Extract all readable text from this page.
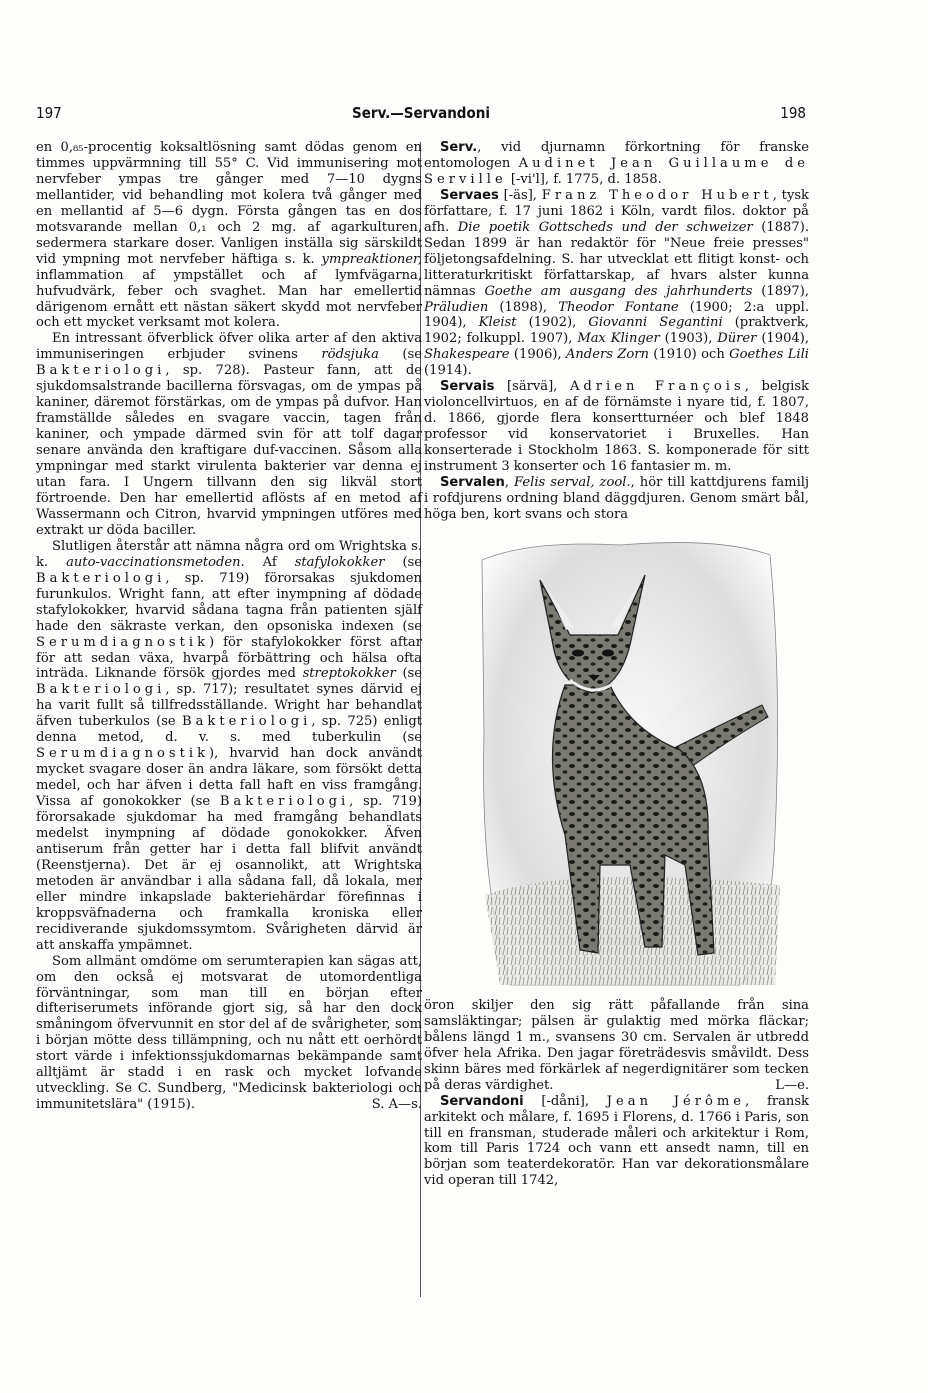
197	Serv.—Servandoni	198

en 0,₈₅-procentig koksaltlösning samt dödas genom en timmes uppvärmning till 55° C. Vid immunisering mot nervfeber ympas tre gånger med 7—10 dygns mellantider, vid behandling mot kolera två gånger med en mellantid af 5—6 dygn. Första gången tas en dos motsvarande mellan 0,₁ och 2 mg. af agarkulturen, sedermera starkare doser. Vanligen inställa sig särskildt vid ympning mot nervfeber häftiga s. k. ympreaktioner, inflammation af ympstället och af lymfvägarna, hufvudvärk, feber och svaghet. Man har emellertid därigenom ernått ett nästan säkert skydd mot nervfeber och ett mycket verksamt mot kolera.

En intressant öfverblick öfver olika arter af den aktiva immuniseringen erbjuder svinens rödsjuka (se Bakteriologi, sp. 728). Pasteur fann, att de sjukdomsalstrande bacillerna försvagas, om de ympas på kaniner, däremot förstärkas, om de ympas på dufvor. Han framställde således en svagare vaccin, tagen från kaniner, och ympade därmed svin för att tolf dagar senare använda den kraftigare duf-vaccinen. Såsom alla ympningar med starkt virulenta bakterier var denna ej utan fara. I Ungern tillvann den sig likväl stort förtroende. Den har emellertid aflösts af en metod af Wassermann och Citron, hvarvid ympningen utföres med extrakt ur döda baciller.

Slutligen återstår att nämna några ord om Wrightska s. k. auto-vaccinationsmetoden. Af stafylokokker (se Bakteriologi, sp. 719) förorsakas sjukdomen furunkulos. Wright fann, att efter inympning af dödade stafylokokker, hvarvid sådana tagna från patienten själf hade den säkraste verkan, den opsoniska indexen (se Serumdiagnostik) för stafylokokker först aftar för att sedan växa, hvarpå förbättring och hälsa ofta inträda. Liknande försök gjordes med streptokokker (se Bakteriologi, sp. 717); resultatet synes därvid ej ha varit fullt så tillfredsställande. Wright har behandlat äfven tuberkulos (se Bakteriologi, sp. 725) enligt denna metod, d. v. s. med tuberkulin (se Serumdiagnostik), hvarvid han dock användt mycket svagare doser än andra läkare, som försökt detta medel, och har äfven i detta fall haft en viss framgång. Vissa af gonokokker (se Bakteriologi, sp. 719) förorsakade sjukdomar ha med framgång behandlats medelst inympning af dödade gonokokker. Äfven antiserum från getter har i detta fall blifvit användt (Reenstjerna). Det är ej osannolikt, att Wrightska metoden är användbar i alla sådana fall, då lokala, mer eller mindre inkapslade bakteriehärdar förefinnas i kroppsväfnaderna och framkalla kroniska eller recidiverande sjukdomssymtom. Svårigheten därvid är att anskaffa ympämnet.

Som allmänt omdöme om serumterapien kan sägas att, om den också ej motsvarat de utomordentliga förväntningar, som man till en början efter difteriserumets införande gjort sig, så har den dock småningom öfvervunnit en stor del af de svårigheter, som i början mötte dess tillämpning, och nu nått ett oerhördt stort värde i infektionssjukdomarnas bekämpande samt alltjämt är stadd i en rask och mycket lofvande utveckling. Se C. Sundberg, "Medicinsk bakteriologi och immunitetslära" (1915).	S. A—s.

Serv., vid djurnamn förkortning för franske entomologen Audinet Jean Guillaume de Serville [-vi'l], f. 1775, d. 1858.

Servaes [-äs], Franz Theodor Hubert, tysk författare, f. 17 juni 1862 i Köln, vardt filos. doktor på afh. Die poetik Gottscheds und der schweizer (1887). Sedan 1899 är han redaktör för "Neue freie presses" följetongsafdelning. S. har utvecklat ett flitigt konst- och litteraturkritiskt författarskap, af hvars alster kunna nämnas Goethe am ausgang des jahrhunderts (1897), Präludien (1898), Theodor Fontane (1900; 2:a uppl. 1904), Kleist (1902), Giovanni Segantini (praktverk, 1902; folkuppl. 1907), Max Klinger (1903), Dürer (1904), Shakespeare (1906), Anders Zorn (1910) och Goethes Lili (1914).

Servais [särvä], Adrien François, belgisk violoncellvirtuos, en af de förnämste i nyare tid, f. 1807, d. 1866, gjorde flera konsertturnéer och blef 1848 professor vid konservatoriet i Bruxelles. Han konserterade i Stockholm 1863. S. komponerade för sitt instrument 3 konserter och 16 fantasier m. m.

Servalen, Felis serval, zool., hör till kattdjurens familj i rofdjurens ordning bland däggdjuren. Genom smärt bål, höga ben, kort svans och stora

öron skiljer den sig rätt påfallande från sina samsläktingar; pälsen är gulaktig med mörka fläckar; bålens längd 1 m., svansens 30 cm. Servalen är utbredd öfver hela Afrika. Den jagar företrädesvis småvildt. Dess skinn bäres med förkärlek af negerdignitärer som tecken på deras värdighet.	L—e.

Servandoni [-dåni], Jean Jérôme, fransk arkitekt och målare, f. 1695 i Florens, d. 1766 i Paris, son till en fransman, studerade måleri och arkitektur i Rom, kom till Paris 1724 och vann ett ansedt namn, till en början som teaterdekoratör. Han var dekorationsmålare vid operan till 1742,
